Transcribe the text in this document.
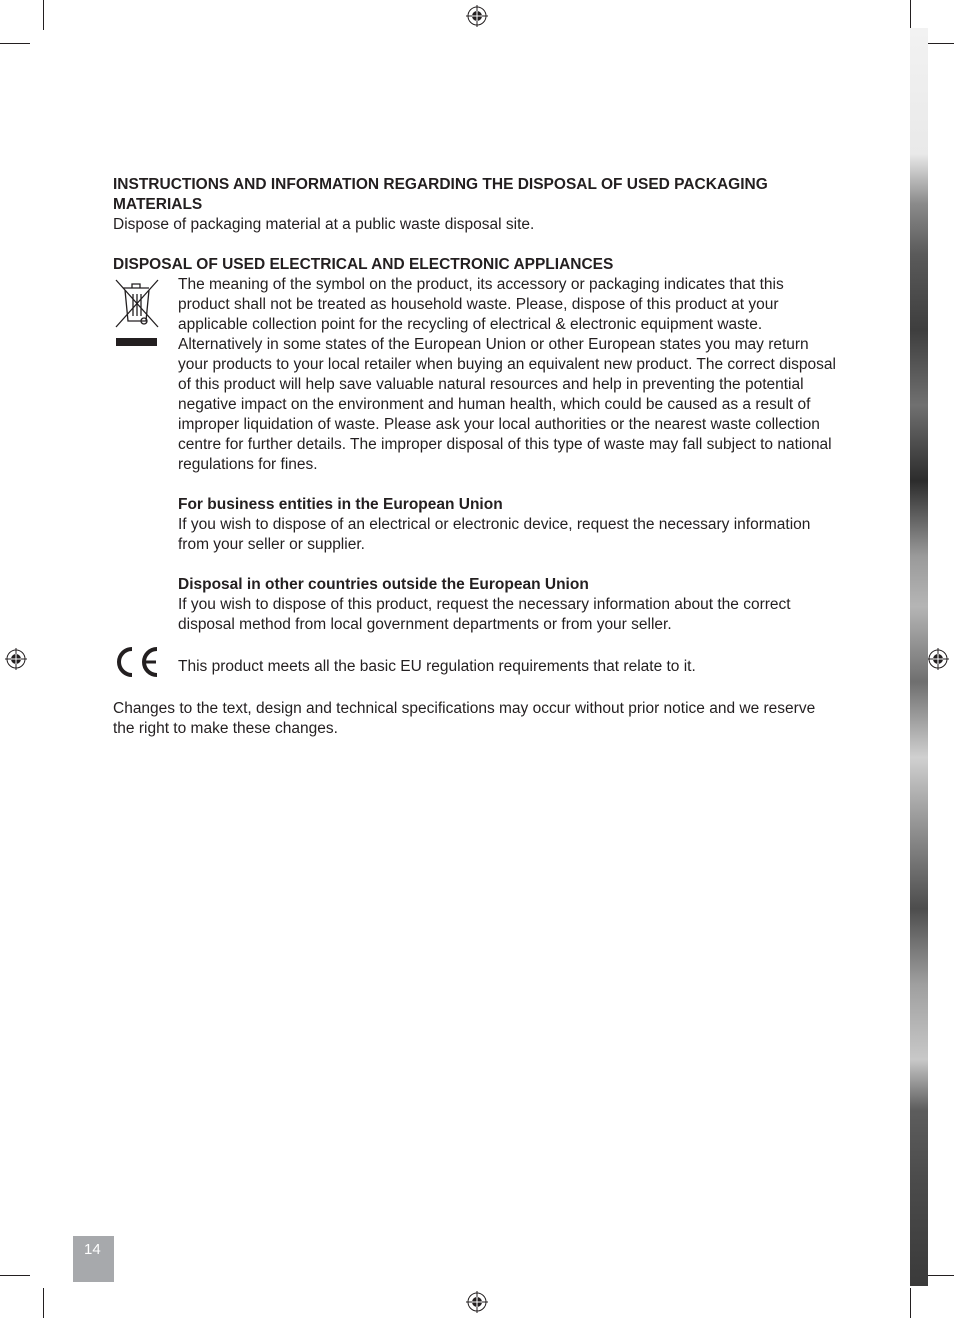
INSTRUCTIONS AND INFORMATION REGARDING THE DISPOSAL OF USED PACKAGING MATERIALS

Dispose of packaging material at a public waste disposal site.

DISPOSAL OF USED ELECTRICAL AND ELECTRONIC APPLIANCES

The meaning of the symbol on the product, its accessory or packaging indicates that this product shall not be treated as household waste. Please, dispose of this product at your applicable collection point for the recycling of electrical & electronic equipment waste. Alternatively in some states of the European Union or other European states you may return your products to your local retailer when buying an equivalent new product. The correct disposal of this product will help save valuable natural resources and help in preventing the potential negative impact on the environment and human health, which could be caused as a result of improper liquidation of waste. Please ask your local authorities or the nearest waste collection centre for further details. The improper disposal of this type of waste may fall subject to national regulations for fines.

For business entities in the European Union

If you wish to dispose of an electrical or electronic device, request the necessary information from your seller or supplier.

Disposal in other countries outside the European Union

If you wish to dispose of this product, request the necessary information about the correct disposal method from local government departments or from your seller.

This product meets all the basic EU regulation requirements that relate to it.

Changes to the text, design and technical specifications may occur without prior notice and we reserve the right to make these changes.

14
